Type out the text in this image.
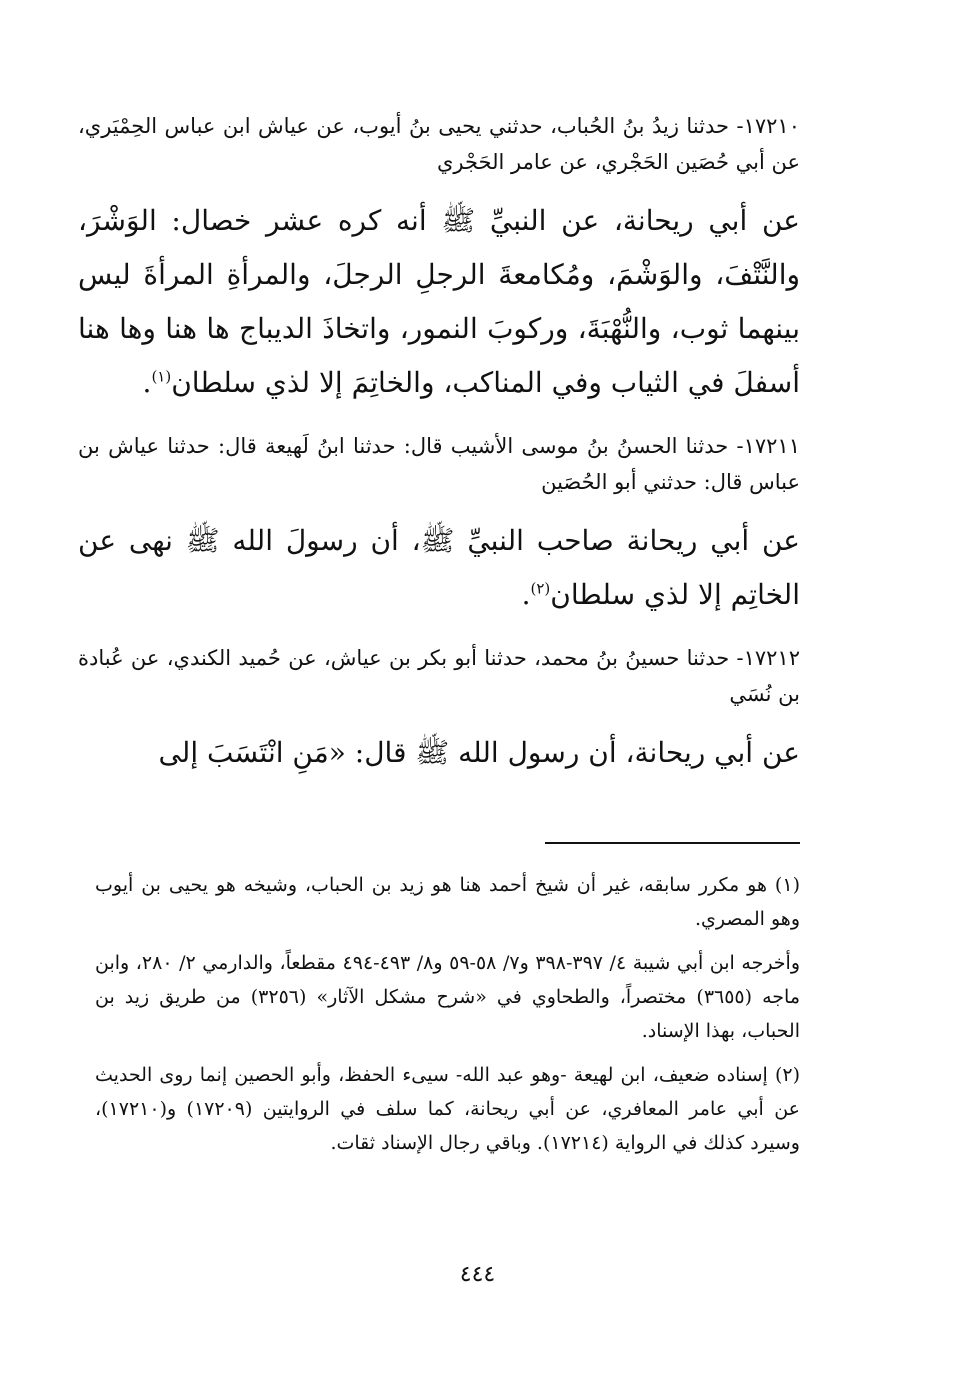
١٧٢١٠- حدثنا زيدُ بنُ الحُباب، حدثني يحيى بنُ أيوب، عن عياش ابن عباس الحِمْيَري، عن أبي حُصَين الحَجْري، عن عامر الحَجْري

عن أبي ريحانة، عن النبيِّ ﷺ أنه كره عشر خصال: الوَشْرَ، والنَّتْفَ، والوَشْمَ، ومُكامعةَ الرجلِ الرجلَ، والمرأةِ المرأةَ ليس بينهما ثوب، والنُّهْبَةَ، وركوبَ النمور، واتخاذَ الديباج ها هنا وها هنا أسفلَ في الثياب وفي المناكب، والخاتِمَ إلا لذي سلطان$^{(١)}$.

١٧٢١١- حدثنا الحسنُ بنُ موسى الأشيب قال: حدثنا ابنُ لَهيعة قال: حدثنا عياش بن عباس قال: حدثني أبو الحُصَين

عن أبي ريحانة صاحب النبيِّ ﷺ، أن رسولَ الله ﷺ نهى عن الخاتِم إلا لذي سلطان$^{(٢)}$.

١٧٢١٢- حدثنا حسينُ بنُ محمد، حدثنا أبو بكر بن عياش، عن حُميد الكندي، عن عُبادة بن نُسَي

عن أبي ريحانة، أن رسول الله ﷺ قال: «مَنِ انْتَسَبَ إلى

(١) هو مكرر سابقه، غير أن شيخ أحمد هنا هو زيد بن الحباب، وشيخه هو يحيى بن أيوب وهو المصري.

وأخرجه ابن أبي شيبة ٤/ ٣٩٧-٣٩٨ و٧/ ٥٨-٥٩ و٨/ ٤٩٣-٤٩٤ مقطعاً، والدارمي ٢/ ٢٨٠، وابن ماجه (٣٦٥٥) مختصراً، والطحاوي في «شرح مشكل الآثار» (٣٢٥٦) من طريق زيد بن الحباب، بهذا الإسناد.

(٢) إسناده ضعيف، ابن لهيعة -وهو عبد الله- سيىء الحفظ، وأبو الحصين إنما روى الحديث عن أبي عامر المعافري، عن أبي ريحانة، كما سلف في الروايتين (١٧٢٠٩) و(١٧٢١٠)، وسيرد كذلك في الرواية (١٧٢١٤). وباقي رجال الإسناد ثقات.

٤٤٤
